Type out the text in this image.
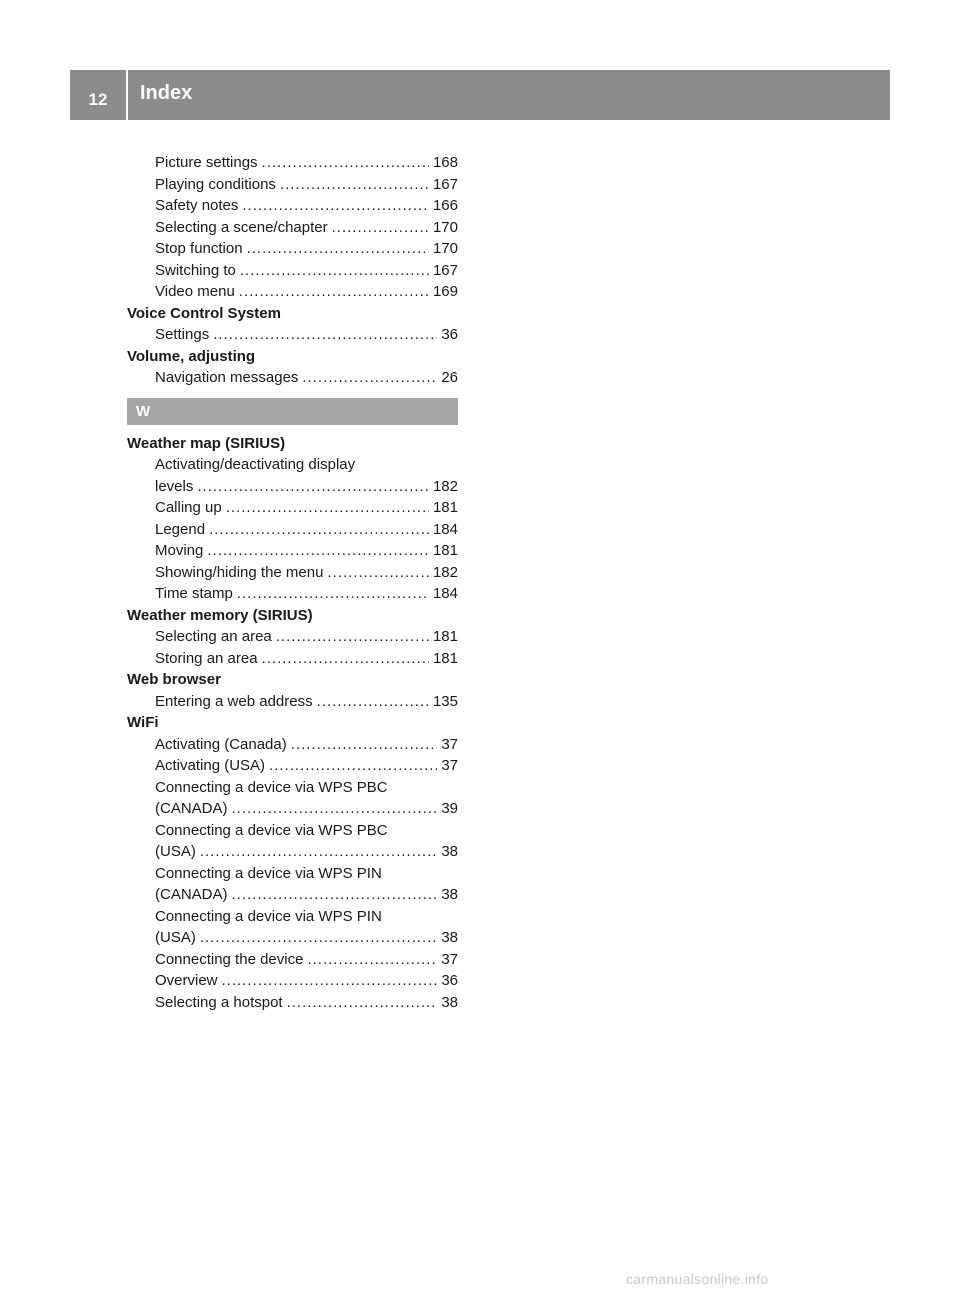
12	Index
Picture settings .....	168
Playing conditions .....	167
Safety notes .....	166
Selecting a scene/chapter .....	170
Stop function .....	170
Switching to .....	167
Video menu .....	169
Voice Control System
Settings .....	36
Volume, adjusting
Navigation messages .....	26
W
Weather map (SIRIUS)
Activating/deactivating display
levels .....	182
Calling up .....	181
Legend .....	184
Moving .....	181
Showing/hiding the menu .....	182
Time stamp .....	184
Weather memory (SIRIUS)
Selecting an area .....	181
Storing an area .....	181
Web browser
Entering a web address .....	135
WiFi
Activating (Canada) .....	37
Activating (USA) .....	37
Connecting a device via WPS PBC
(CANADA) .....	39
Connecting a device via WPS PBC
(USA) .....	38
Connecting a device via WPS PIN
(CANADA) .....	38
Connecting a device via WPS PIN
(USA) .....	38
Connecting the device .....	37
Overview .....	36
Selecting a hotspot .....	38
carmanualsonline.info
